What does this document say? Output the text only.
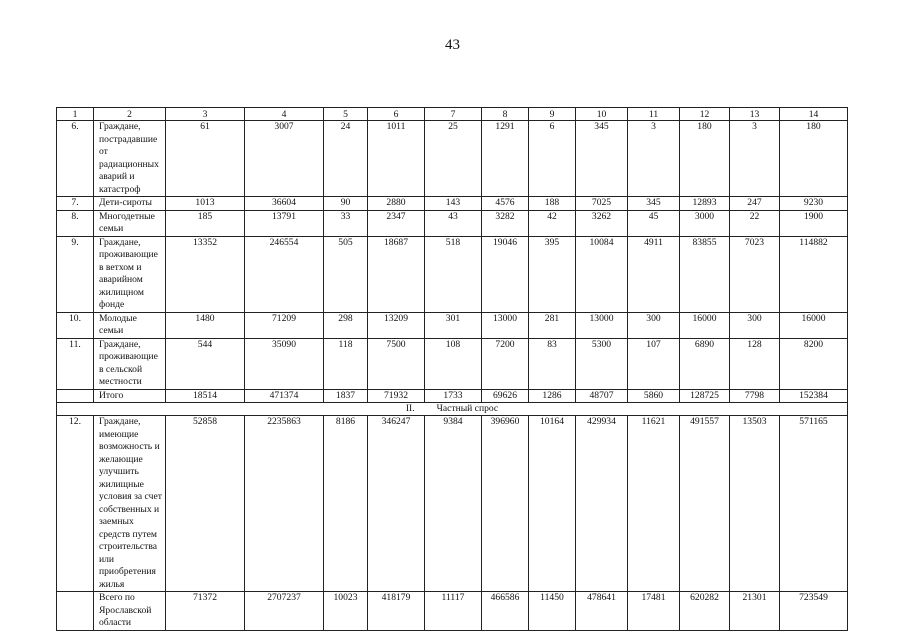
43
1	2	3	4	5	6	7	8	9	10	11	12	13	14
6.	Граждане, пострадавшие от радиационных аварий и катастроф	61	3007	24	1011	25	1291	6	345	3	180	3	180
7.	Дети-сироты	1013	36604	90	2880	143	4576	188	7025	345	12893	247	9230
8.	Многодетные семьи	185	13791	33	2347	43	3282	42	3262	45	3000	22	1900
9.	Граждане, проживающие в ветхом и аварийном жилищном фонде	13352	246554	505	18687	518	19046	395	10084	4911	83855	7023	114882
10.	Молодые семьи	1480	71209	298	13209	301	13000	281	13000	300	16000	300	16000
11.	Граждане, проживающие в сельской местности	544	35090	118	7500	108	7200	83	5300	107	6890	128	8200
	Итого	18514	471374	1837	71932	1733	69626	1286	48707	5860	128725	7798	152384
II. Частный спрос													
12.	Граждане, имеющие возможность и желающие улучшить жилищные условия за счет собственных и заемных средств путем строительства или приобретения жилья	52858	2235863	8186	346247	9384	396960	10164	429934	11621	491557	13503	571165
	Всего по Ярославской области	71372	2707237	10023	418179	11117	466586	11450	478641	17481	620282	21301	723549
